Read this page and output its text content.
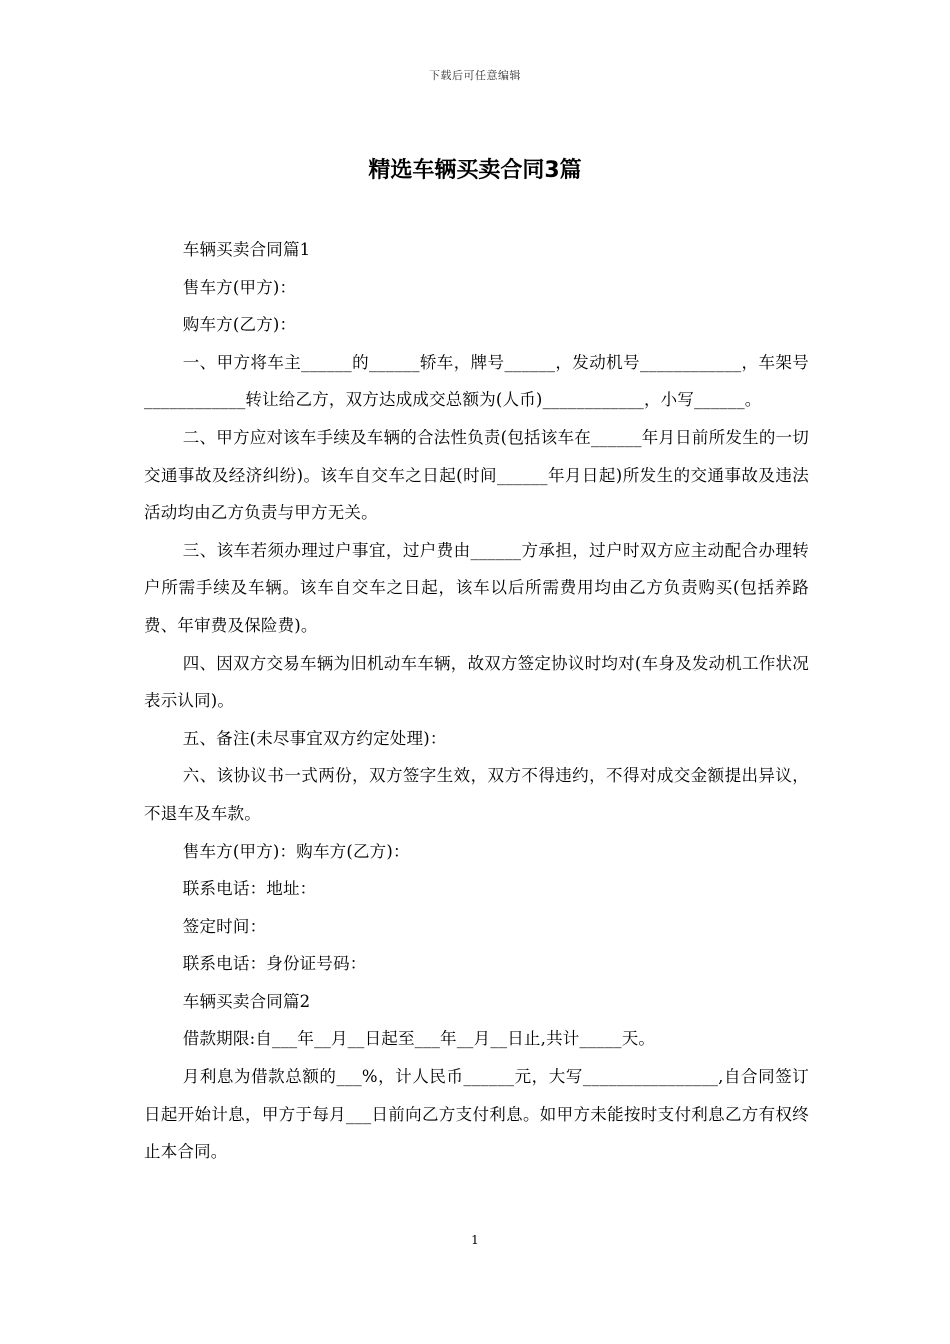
下载后可任意编辑
精选车辆买卖合同3篇

车辆买卖合同篇1

售车方(甲方)：

购车方(乙方)：

一、甲方将车主______的______轿车，牌号______，发动机号____________，车架号____________转让给乙方，双方达成成交总额为(人币)____________，小写______。

二、甲方应对该车手续及车辆的合法性负责(包括该车在______年月日前所发生的一切交通事故及经济纠纷)。该车自交车之日起(时间______年月日起)所发生的交通事故及违法活动均由乙方负责与甲方无关。

三、该车若须办理过户事宜，过户费由______方承担，过户时双方应主动配合办理转户所需手续及车辆。该车自交车之日起，该车以后所需费用均由乙方负责购买(包括养路费、年审费及保险费)。

四、因双方交易车辆为旧机动车车辆，故双方签定协议时均对(车身及发动机工作状况表示认同)。

五、备注(未尽事宜双方约定处理)：

六、该协议书一式两份，双方签字生效，双方不得违约，不得对成交金额提出异议，不退车及车款。

售车方(甲方)：购车方(乙方)：

联系电话：地址：

签定时间：

联系电话：身份证号码：

车辆买卖合同篇2

借款期限:自___年__月__日起至___年__月__日止,共计_____天。

月利息为借款总额的___%，计人民币______元，大写________________,自合同签订日起开始计息，甲方于每月___日前向乙方支付利息。如甲方未能按时支付利息乙方有权终止本合同。

1
